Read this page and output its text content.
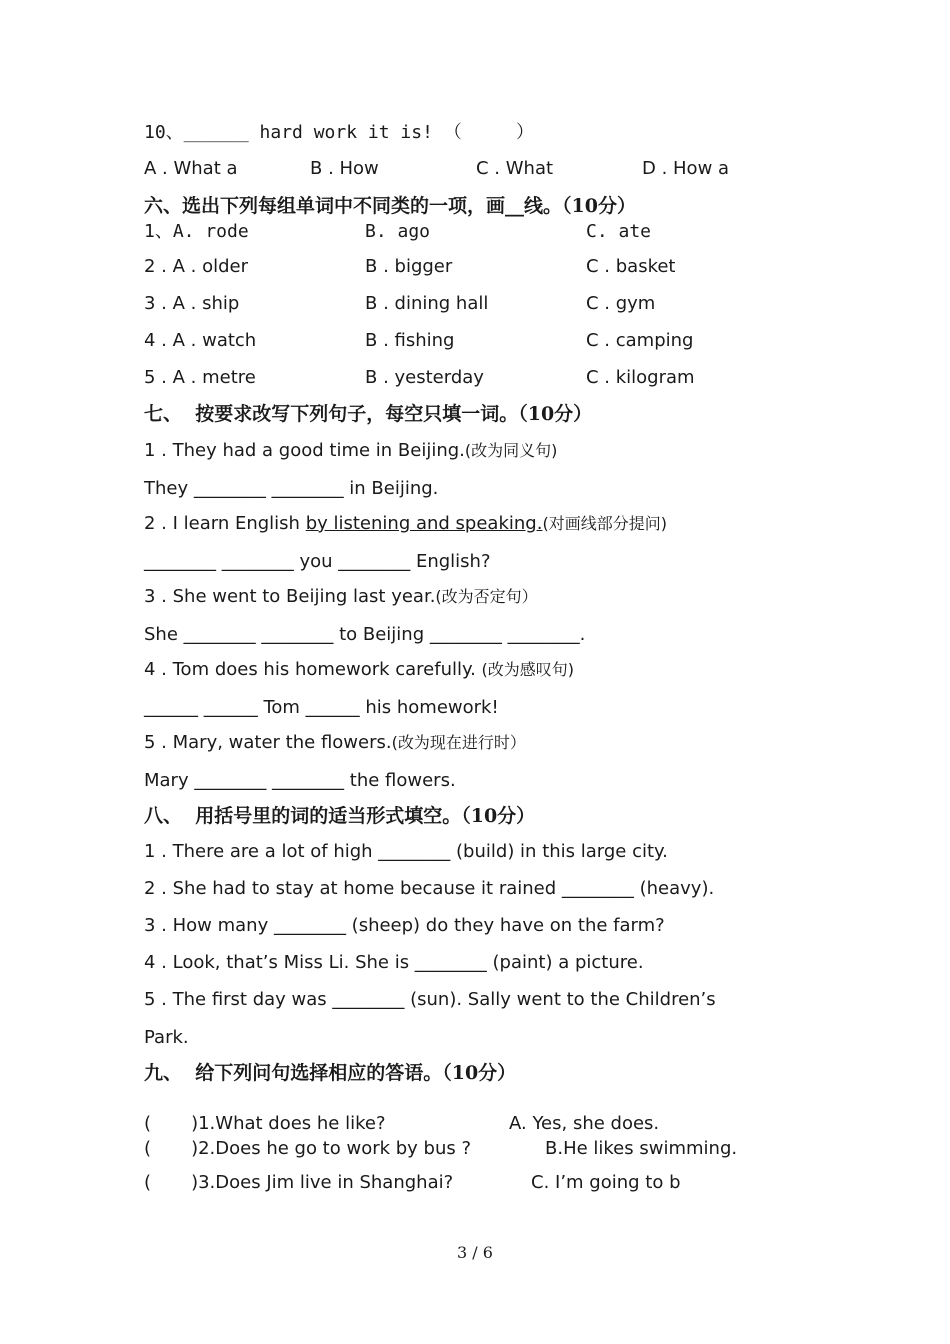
10、______ hard work it is! （     ）
A . What a	B . How	C . What	D . How a
六、选出下列每组单词中不同类的一项，画__线。（10分）
1、A. rode	B. ago	C. ate
2 . A . older	B . bigger	C . basket
3 . A . ship	B . dining hall	C . gym
4 . A . watch	B . fishing	C . camping
5 . A . metre	B . yesterday	C . kilogram
七、  按要求改写下列句子，每空只填一词。（10分）
1 . They had a good time in Beijing.(改为同义句)
They ________ ________ in Beijing.
2 . I learn English by listening and speaking.(对画线部分提问)
________ ________ you ________ English?
3 . She went to Beijing last year.(改为否定句）
She ________ ________ to Beijing ________ ________.
4 . Tom does his homework carefully. (改为感叹句)
______ ______ Tom ______ his homework!
5 . Mary, water the flowers.(改为现在进行时）
Mary ________ ________ the flowers.
八、  用括号里的词的适当形式填空。（10分）
1 . There are a lot of high ________ (build) in this large city.
2 . She had to stay at home because it rained ________ (heavy).
3 . How many ________ (sheep) do they have on the farm?
4 . Look, that’s Miss Li. She is ________ (paint) a picture.
5 . The first day was ________ (sun). Sally went to the Children’s
Park.
九、  给下列问句选择相应的答语。（10分）
(       )1.What does he like?	A. Yes, she does.
(       )2.Does he go to work by bus ?	B.He likes swimming.
(       )3.Does Jim live in Shanghai?	C. I’m going to b
3 / 6
